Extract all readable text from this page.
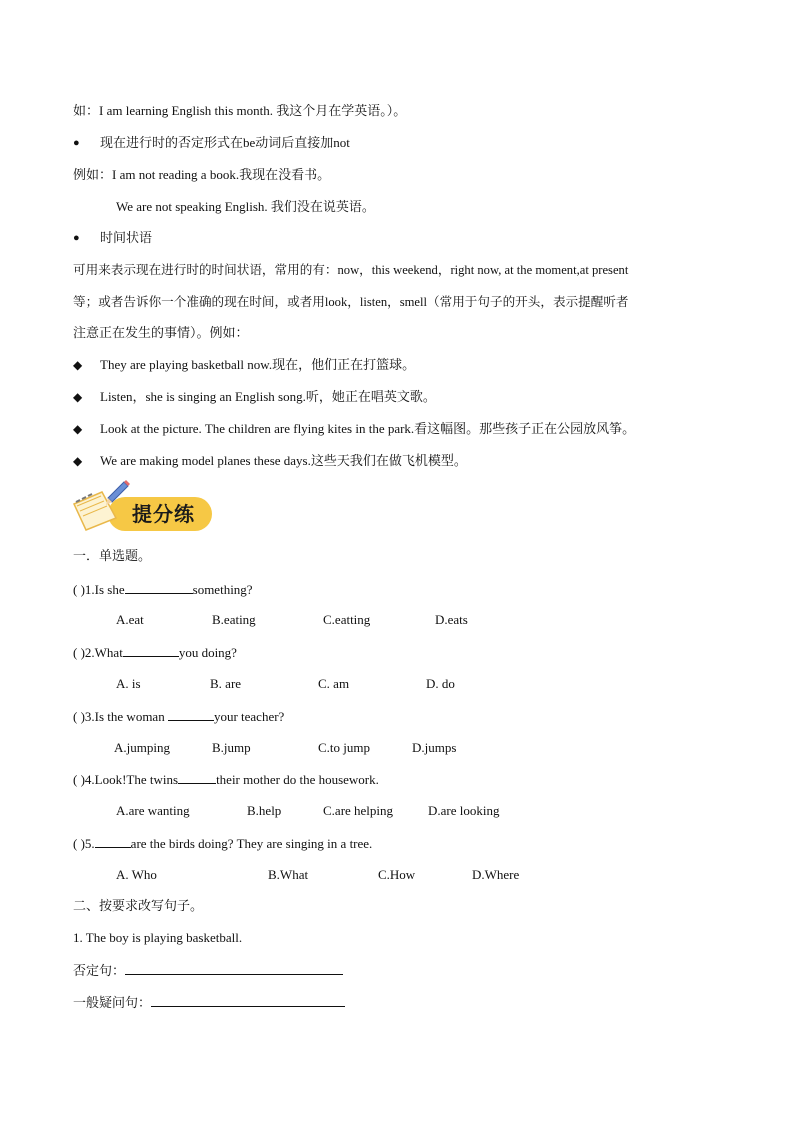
如：I am learning English this month. 我这个月在学英语。）。
● 现在进行时的否定形式在be动词后直接加not
例如：I am not reading a book.我现在没看书。
We are not speaking English. 我们没在说英语。
● 时间状语
可用来表示现在进行时的时间状语，常用的有：now，this weekend，right now, at the moment,at present
等；或者告诉你一个准确的现在时间，或者用look，listen，smell（常用于句子的开头，表示提醒听者
注意正在发生的事情）。例如：
◆ They are playing basketball now.现在，他们正在打篮球。
◆ Listen，she is singing an English song.听，她正在唱英文歌。
◆ Look at the picture. The children are flying kites in the park.看这幅图。那些孩子正在公园放风筝。
◆ We are making model planes these days.这些天我们在做飞机模型。
提分练
一．单选题。
( )1.Is she	something?
A.eat	B.eating	C.eatting	D.eats
( )2.What	you doing?
A. is	B. are	C. am	D. do
( )3.Is the woman	your teacher?
A.jumping	B.jump	C.to jump	D.jumps
( )4.Look!The twins	their mother do the housework.
A.are wanting	B.help	C.are helping	D.are looking
( )5.	are the birds doing? They are singing in a tree.
A. Who	B.What	C.How	D.Where
二、按要求改写句子。
1. The boy is playing basketball.
否定句：
一般疑问句：
